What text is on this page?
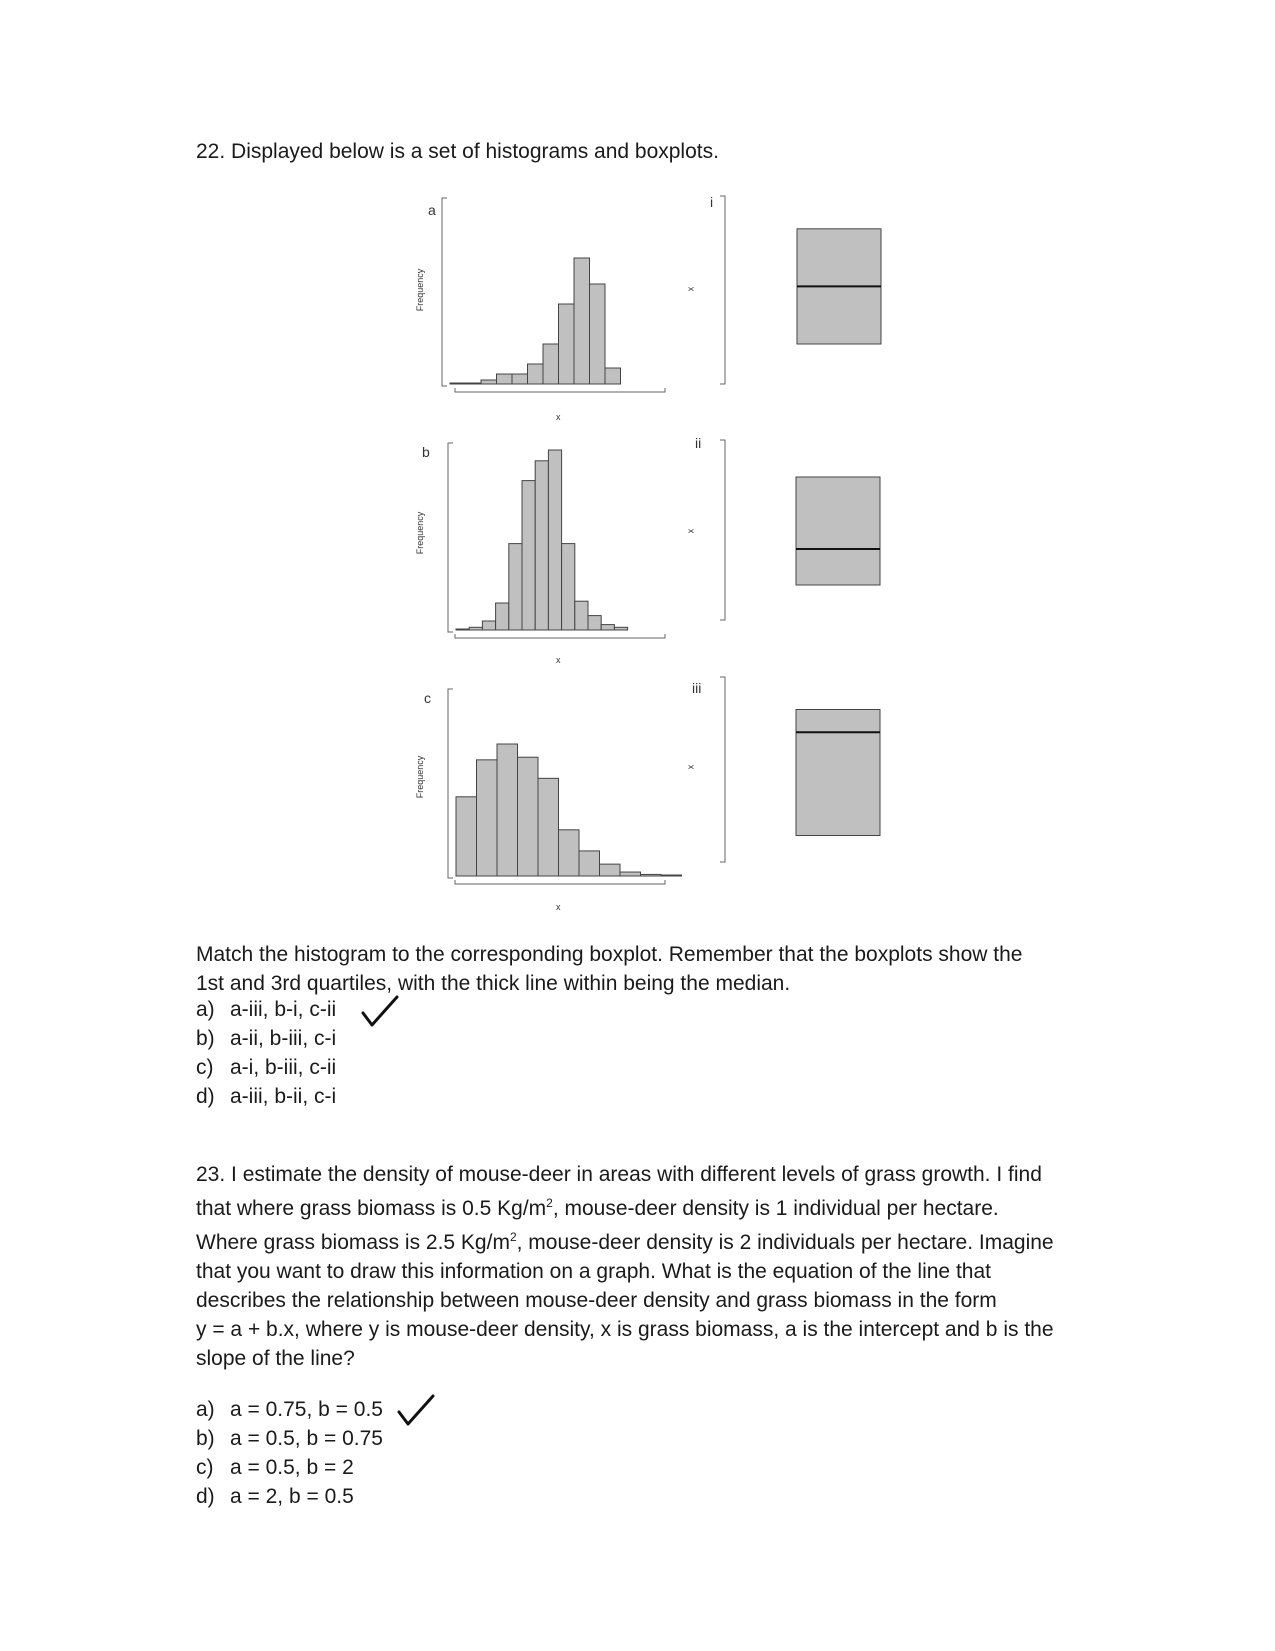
22. Displayed below is a set of histograms and boxplots.
a
b
c
i
ii
iii
Frequency
Frequency
Frequency
x
x
x
x
x
x

Match the histogram to the corresponding boxplot. Remember that the boxplots show the

1st and 3rd quartiles, with the thick line within being the median.

a) a-iii, b-i, c-ii
b) a-ii, b-iii, c-i
c) a-i, b-iii, c-ii
d) a-iii, b-ii, c-i

23. I estimate the density of mouse-deer in areas with different levels of grass growth. I find

that where grass biomass is 0.5 $Kg/m^2$, mouse-deer density is 1 individual per hectare.

Where grass biomass is 2.5 $Kg/m^2$, mouse-deer density is 2 individuals per hectare. Imagine

that you want to draw this information on a graph. What is the equation of the line that

describes the relationship between mouse-deer density and grass biomass in the form

y = a + b.x, where y is mouse-deer density, x is grass biomass, a is the intercept and b is the

slope of the line?

a) a = 0.75, b = 0.5
b) a = 0.5, b = 0.75
c) a = 0.5, b = 2
d) a = 2, b = 0.5
